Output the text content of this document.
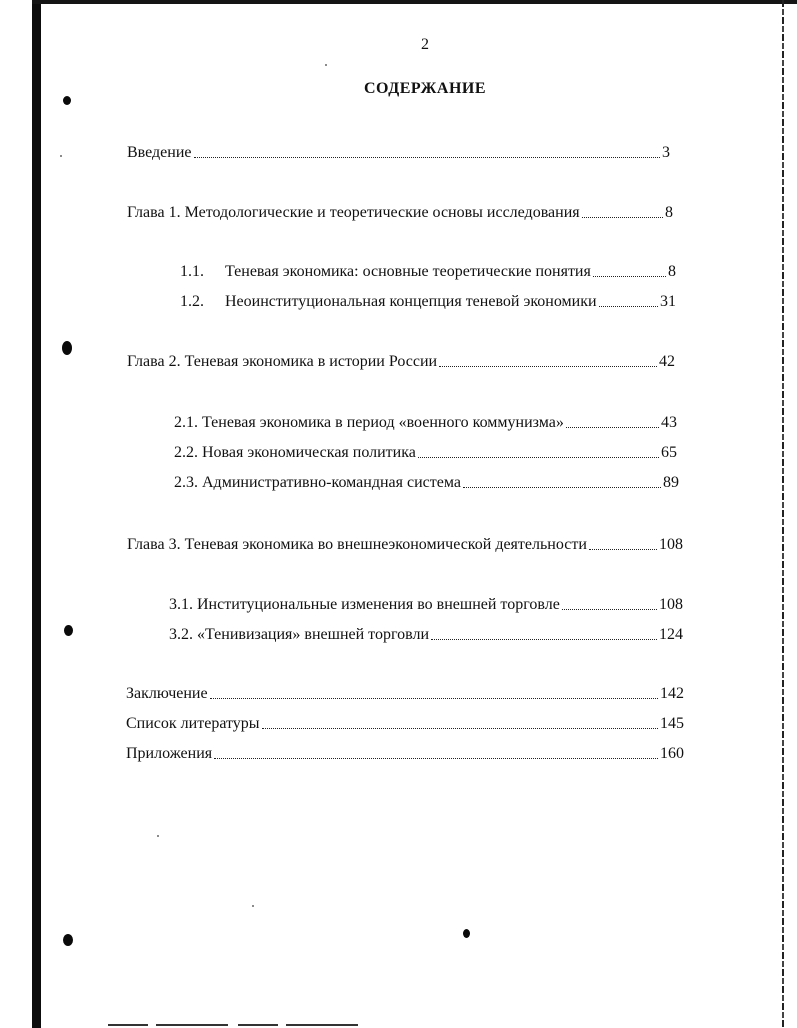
2
СОДЕРЖАНИЕ
Введение	3
Глава 1. Методологические и теоретические основы исследования	8
1.1.	Теневая экономика: основные теоретические понятия	8
1.2.	Неоинституциональная концепция теневой экономики	31
Глава 2. Теневая экономика в истории России	42
2.1. Теневая экономика в период «военного коммунизма»	43
2.2. Новая экономическая политика	65
2.3. Административно-командная система	89
Глава 3. Теневая экономика во внешнеэкономической деятельности	108
3.1. Институциональные изменения во внешней торговле	108
3.2. «Тенивизация» внешней торговли	124
Заключение	142
Список литературы	145
Приложения	160
